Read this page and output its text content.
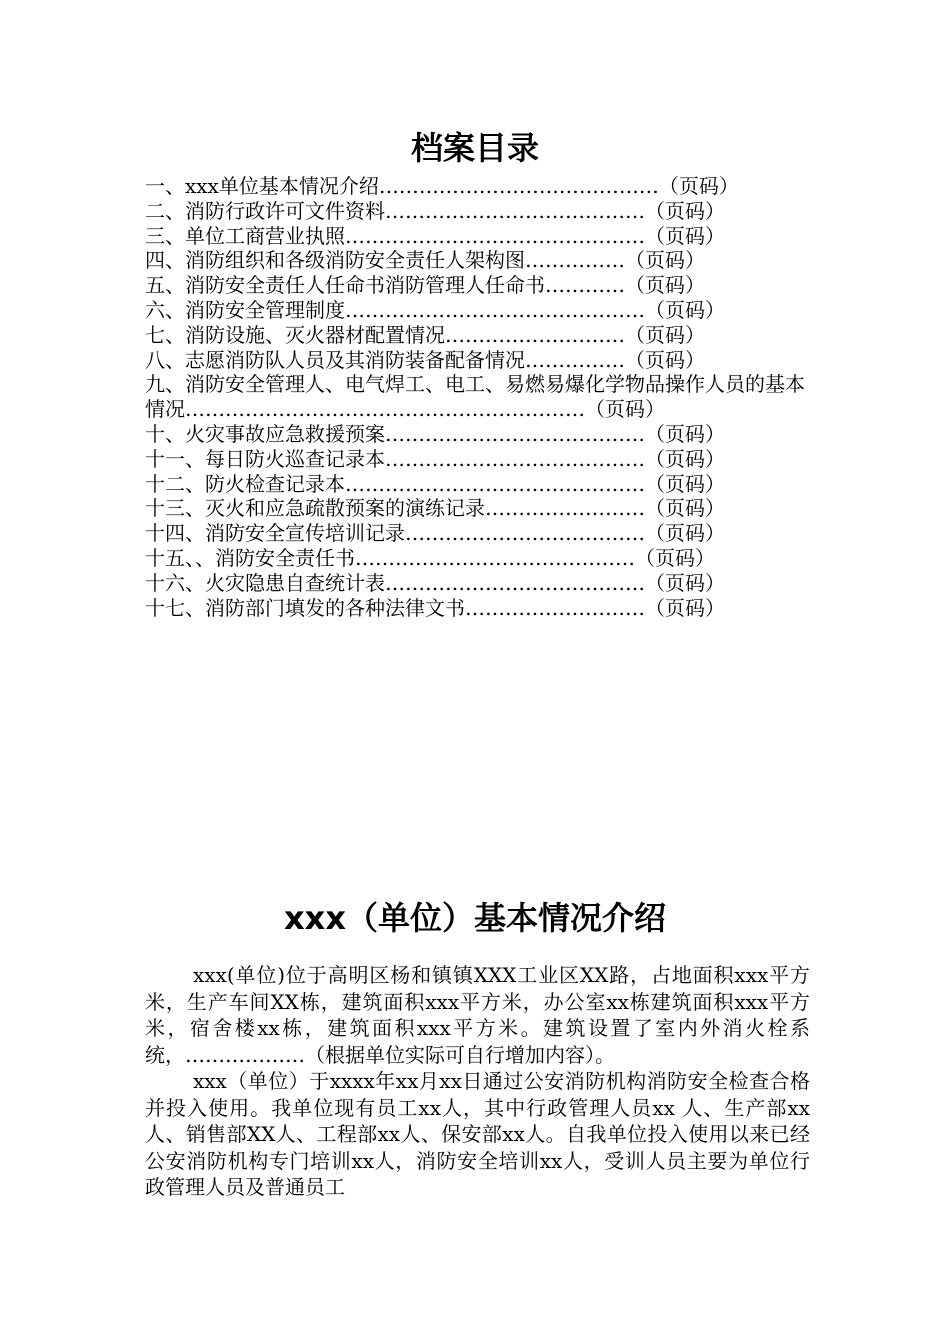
档案目录
一、xxx单位基本情况介绍……………………………………（页码）
二、消防行政许可文件资料…………………………………（页码）
三、单位工商营业执照………………………………………（页码）
四、消防组织和各级消防安全责任人架构图……………（页码）
五、消防安全责任人任命书消防管理人任命书…………（页码）
六、消防安全管理制度………………………………………（页码）
七、消防设施、灭火器材配置情况………………………（页码）
八、志愿消防队人员及其消防装备配备情况……………（页码）
九、消防安全管理人、电气焊工、电工、易燃易爆化学物品操作人员的基本情况……………………………………………………（页码）
十、火灾事故应急救援预案…………………………………（页码）
十一、每日防火巡查记录本…………………………………（页码）
十二、防火检查记录本………………………………………（页码）
十三、灭火和应急疏散预案的演练记录……………………（页码）
十四、消防安全宣传培训记录………………………………（页码）
十五、、消防安全责任书……………………………………（页码）
十六、火灾隐患自查统计表…………………………………（页码）
十七、消防部门填发的各种法律文书………………………（页码）
xxx（单位）基本情况介绍

xxx(单位)位于高明区杨和镇镇XXX工业区XX路，占地面积xxx平方米，生产车间XX栋，建筑面积xxx平方米，办公室xx栋建筑面积xxx平方米，宿舍楼xx栋，建筑面积xxx平方米。建筑设置了室内外消火栓系统，………………（根据单位实际可自行增加内容）。

xxx（单位）于xxxx年xx月xx日通过公安消防机构消防安全检查合格并投入使用。我单位现有员工xx人，其中行政管理人员xx 人、生产部xx人、销售部XX人、工程部xx人、保安部xx人。自我单位投入使用以来已经公安消防机构专门培训xx人，消防安全培训xx人，受训人员主要为单位行政管理人员及普通员工
